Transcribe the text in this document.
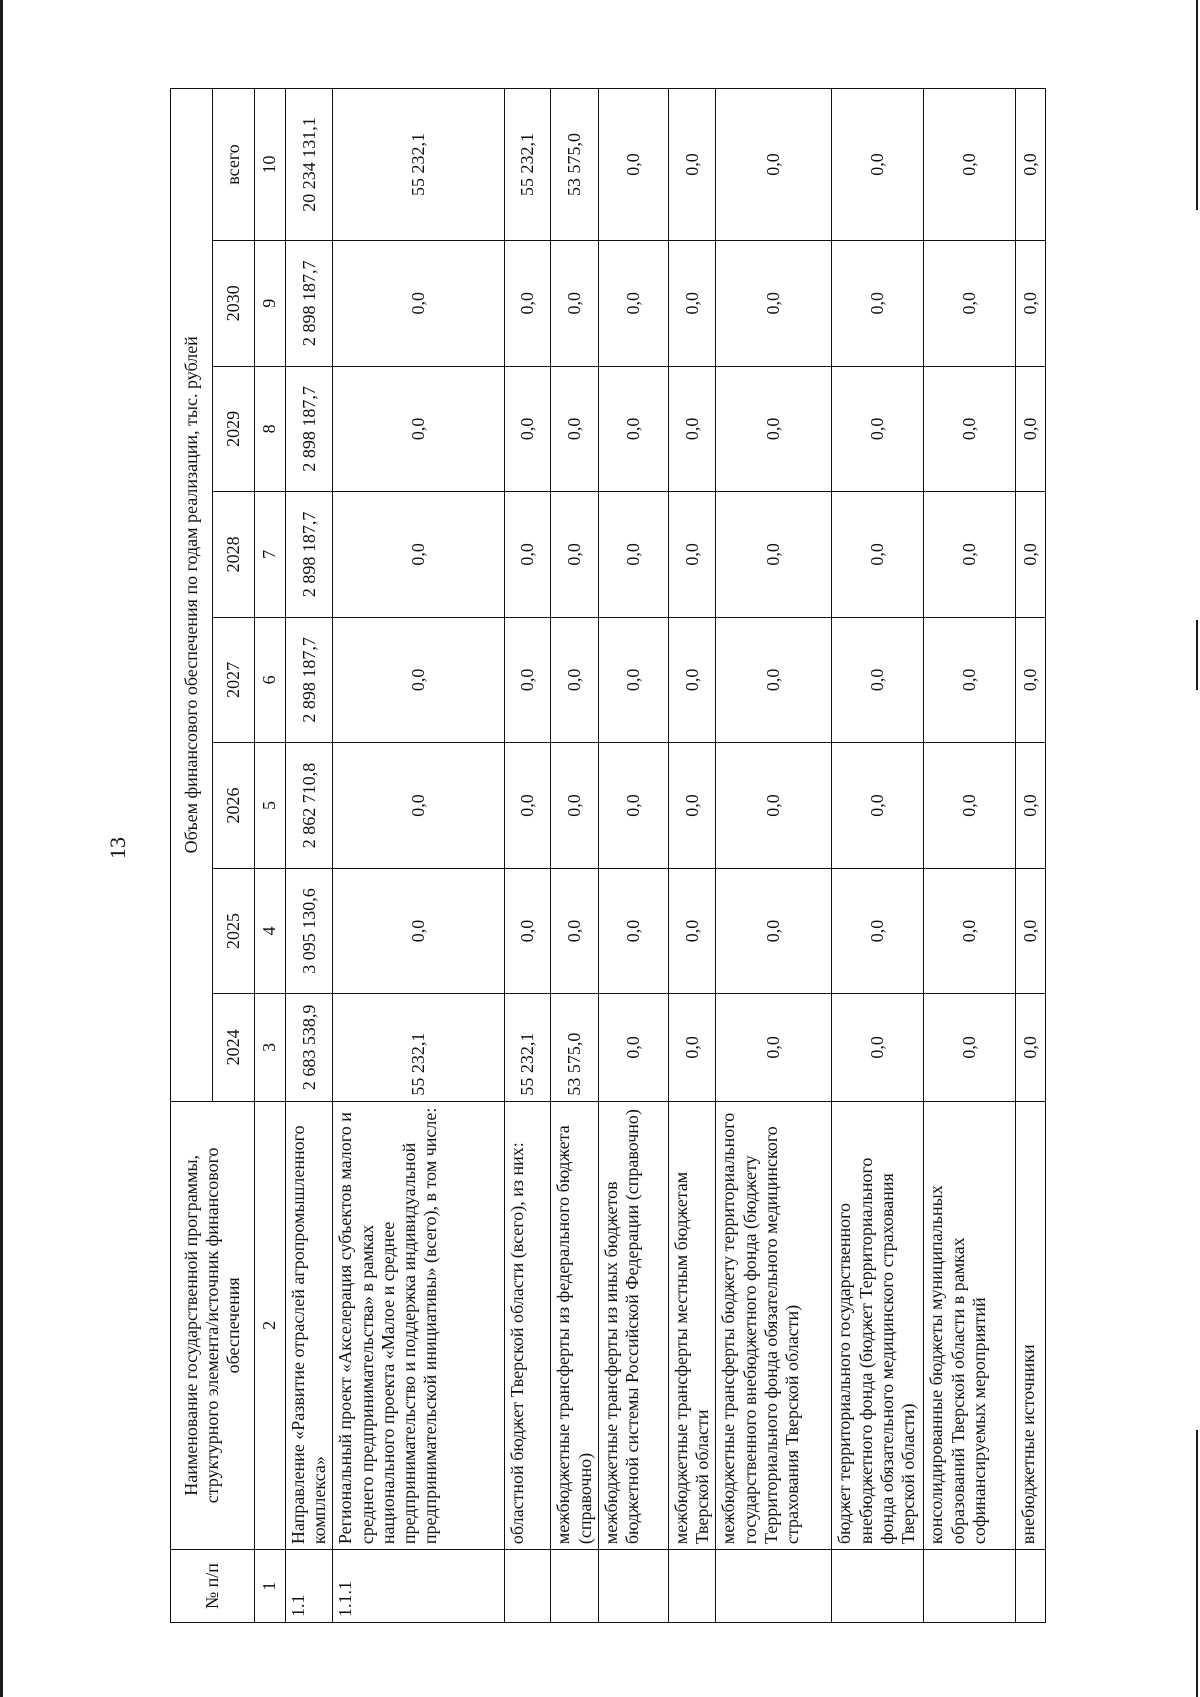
13
№ п/п	Наименование государственной программы, структурного элемента/источник финансового обеспечения	Объем финансового обеспечения по годам реализации, тыс. рублей							
		2024	2025	2026	2027	2028	2029	2030	всего
1	2	3	4	5	6	7	8	9	10
1.1	Направление «Развитие отраслей агропромышленного комплекса»	2 683 538,9	3 095 130,6	2 862 710,8	2 898 187,7	2 898 187,7	2 898 187,7	2 898 187,7	20 234 131,1
1.1.1	Региональный проект «Акселерация субъектов малого и среднего предпринимательства» в рамках национального проекта «Малое и среднее предпринимательство и поддержка индивидуальной предпринимательской инициативы» (всего), в том числе:	55 232,1	0,0	0,0	0,0	0,0	0,0	0,0	55 232,1
	областной бюджет Тверской области (всего), из них:	55 232,1	0,0	0,0	0,0	0,0	0,0	0,0	55 232,1
	межбюджетные трансферты из федерального бюджета (справочно)	53 575,0	0,0	0,0	0,0	0,0	0,0	0,0	53 575,0
	межбюджетные трансферты из иных бюджетов бюджетной системы Российской Федерации (справочно)	0,0	0,0	0,0	0,0	0,0	0,0	0,0	0,0
	межбюджетные трансферты местным бюджетам Тверской области	0,0	0,0	0,0	0,0	0,0	0,0	0,0	0,0
	межбюджетные трансферты бюджету территориального государственного внебюджетного фонда (бюджету Территориального фонда обязательного медицинского страхования Тверской области)	0,0	0,0	0,0	0,0	0,0	0,0	0,0	0,0
	бюджет территориального государственного внебюджетного фонда (бюджет Территориального фонда обязательного медицинского страхования Тверской области)	0,0	0,0	0,0	0,0	0,0	0,0	0,0	0,0
	консолидированные бюджеты муниципальных образований Тверской области в рамках софинансируемых мероприятий	0,0	0,0	0,0	0,0	0,0	0,0	0,0	0,0
	внебюджетные источники	0,0	0,0	0,0	0,0	0,0	0,0	0,0	0,0
